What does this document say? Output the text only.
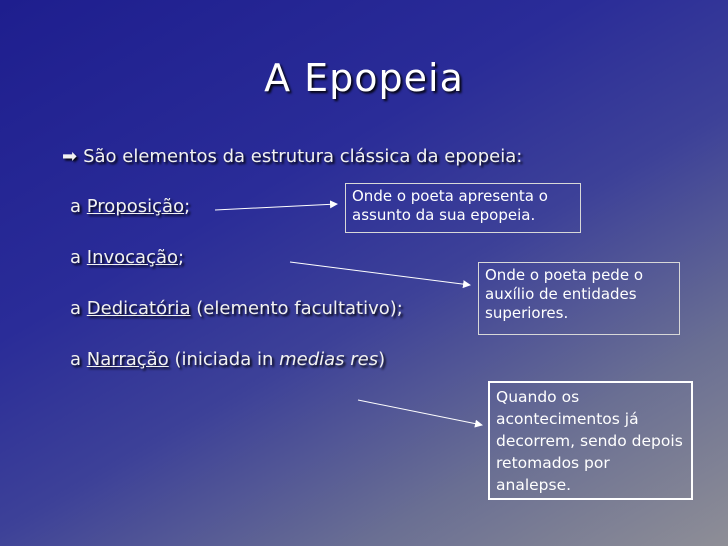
A Epopeia
➡ São elementos da estrutura clássica da epopeia:
a Proposição;
a Invocação;
a Dedicatória (elemento facultativo);
a Narração (iniciada in medias res)
Onde o poeta apresenta o assunto da sua epopeia.
Onde o poeta pede o auxílio de entidades superiores.
Quando os acontecimentos já decorrem, sendo depois retomados por analepse.
